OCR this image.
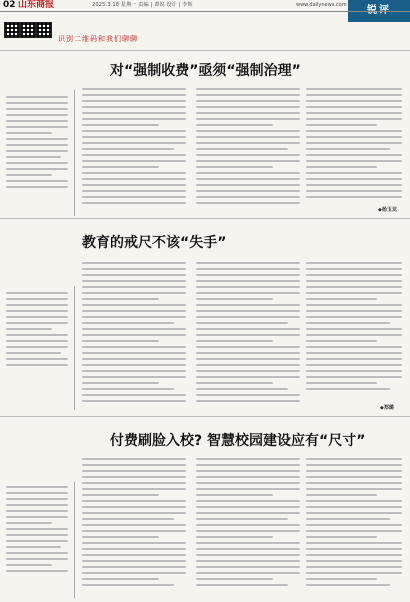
02 山东商报	2025.3.18 星期一 责编 | 谭锐 设计 | 李辉	www.dailynews.com
识别二维码和我们聊聊
对“强制收费”亟须“强制治理”
◆杨玉龙
教育的戒尺不该“失手”
◆郑璐
付费刷脸入校? 智慧校园建设应有“尺寸”
